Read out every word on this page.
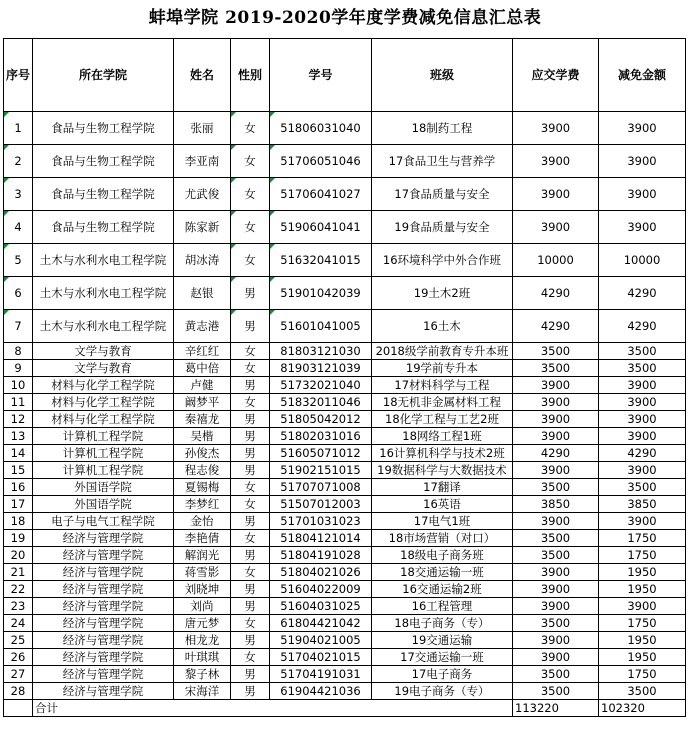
蚌埠学院 2019-2020学年度学费减免信息汇总表
序号	所在学院	姓名	性别	学号	班级	应交学费	减免金额
1	食品与生物工程学院	张丽	女	51806031040	18制药工程	3900	3900
2	食品与生物工程学院	李亚南	女	51706051046	17食品卫生与营养学	3900	3900
3	食品与生物工程学院	尤武俊	女	51706041027	17食品质量与安全	3900	3900
4	食品与生物工程学院	陈家新	女	51906041041	19食品质量与安全	3900	3900
5	土木与水利水电工程学院	胡冰涛	女	51632041015	16环境科学中外合作班	10000	10000
6	土木与水利水电工程学院	赵银	男	51901042039	19土木2班	4290	4290
7	土木与水利水电工程学院	黄志港	男	51601041005	16土木	4290	4290
8	文学与教育	辛红红	女	81803121030	2018级学前教育专升本班	3500	3500
9	文学与教育	葛中倍	女	81903121039	19学前专升本	3500	3500
10	材料与化学工程学院	卢健	男	51732021040	17材料科学与工程	3900	3900
11	材料与化学工程学院	阚梦平	女	51832011046	18无机非金属材料工程	3900	3900
12	材料与化学工程学院	秦禧龙	男	51805042012	18化学工程与工艺2班	3900	3900
13	计算机工程学院	吴楷	男	51802031016	18网络工程1班	3900	3900
14	计算机工程学院	孙俊杰	男	51605071012	16计算机科学与技术2班	4290	4290
15	计算机工程学院	程志俊	男	51902151015	19数据科学与大数据技术	3900	3900
16	外国语学院	夏锡梅	女	51707071008	17翻译	3500	3500
17	外国语学院	李梦红	女	51507012003	16英语	3850	3850
18	电子与电气工程学院	金怡	男	51701031023	17电气1班	3900	3900
19	经济与管理学院	李艳倩	女	51804121014	18市场营销（对口）	3500	1750
20	经济与管理学院	解润光	男	51804191028	18级电子商务班	3500	1750
21	经济与管理学院	蒋雪影	女	51804021026	18交通运输一班	3900	1950
22	经济与管理学院	刘晓坤	男	51604022009	16交通运输2班	3900	1950
23	经济与管理学院	刘尚	男	51604031025	16工程管理	3900	3900
24	经济与管理学院	唐元梦	女	61804421042	18电子商务（专）	3500	1750
25	经济与管理学院	相龙龙	男	51904021005	19交通运输	3900	1950
26	经济与管理学院	叶琪琪	女	51704021015	17交通运输一班	3900	1950
27	经济与管理学院	黎子林	男	51704191031	17电子商务	3500	1750
28	经济与管理学院	宋海洋	男	61904421036	19电子商务（专）	3500	3500
	合计					113220	102320
